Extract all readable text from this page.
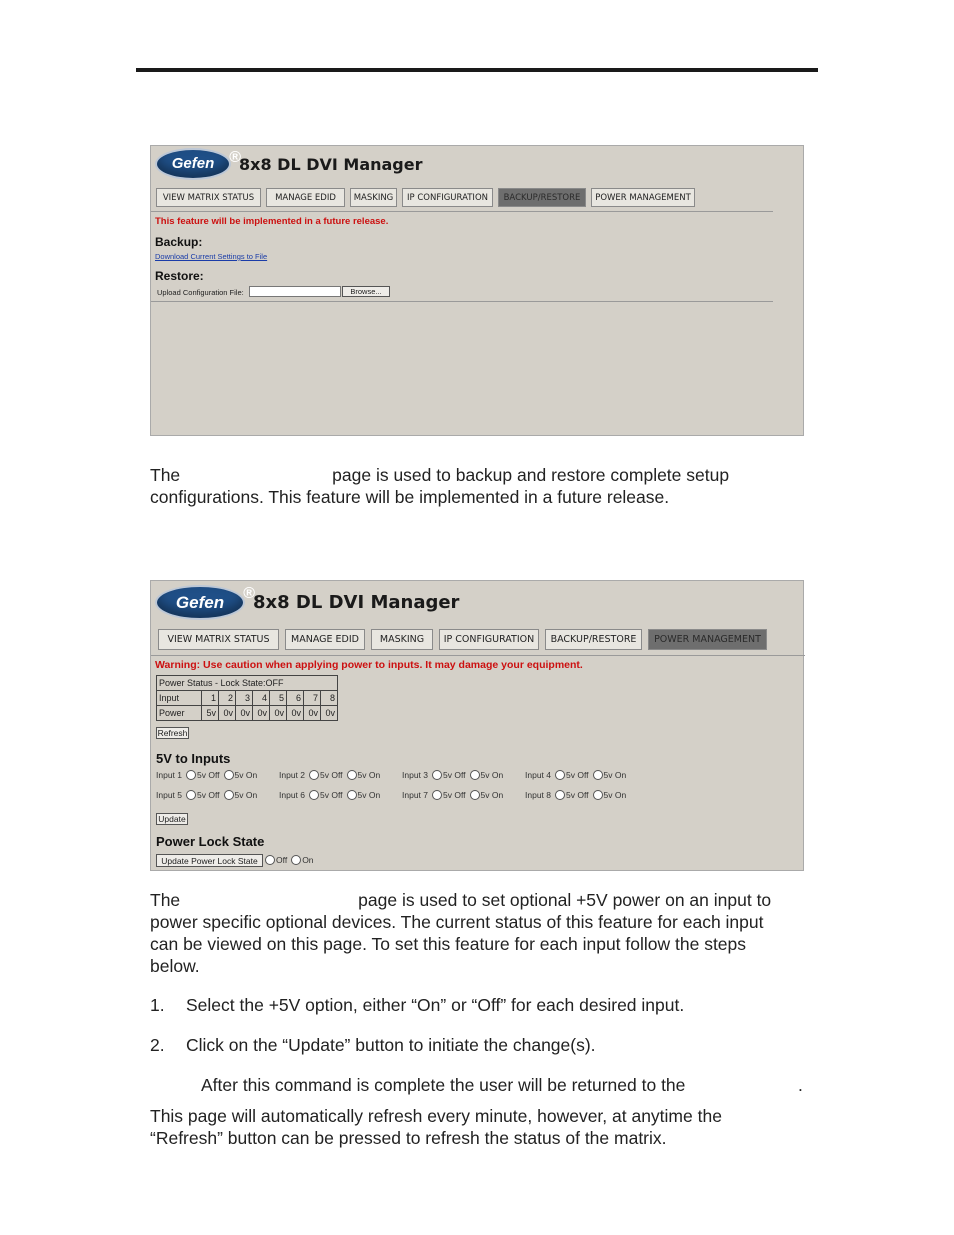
Gefen ®
8x8 DL DVI Manager
VIEW MATRIX STATUS	MANAGE EDID	MASKING	IP CONFIGURATION	BACKUP/RESTORE	POWER MANAGEMENT
This feature will be implemented in a future release.
Backup:
Download Current Settings to File
Restore:
Upload Configuration File:	Browse...
The	page is used to backup and restore complete setup
configurations. This feature will be implemented in a future release.
Gefen	®
8x8 DL DVI Manager
VIEW MATRIX STATUS	MANAGE EDID	MASKING	IP CONFIGURATION	BACKUP/RESTORE	POWER MANAGEMENT
Warning: Use caution when applying power to inputs. It may damage your equipment.
Power Status - Lock State:OFF								
Input	1	2	3	4	5	6	7	8
Power	5v	0v	0v	0v	0v	0v	0v	0v
Refresh
5V to Inputs
Input 1 5v Off 5v On	Input 2 5v Off 5v On	Input 3 5v Off 5v On	Input 4 5v Off 5v On
Input 5 5v Off 5v On	Input 6 5v Off 5v On	Input 7 5v Off 5v On	Input 8 5v Off 5v On
Update
Power Lock State
Update Power Lock State	Off On
The	page is used to set optional +5V power on an input to
power specific optional devices. The current status of this feature for each input
can be viewed on this page. To set this feature for each input follow the steps
below.
1. Select the +5V option, either “On” or “Off” for each desired input.
2. Click on the “Update” button to initiate the change(s).
After this command is complete the user will be returned to the	.
This page will automatically refresh every minute, however, at anytime the
“Refresh” button can be pressed to refresh the status of the matrix.
